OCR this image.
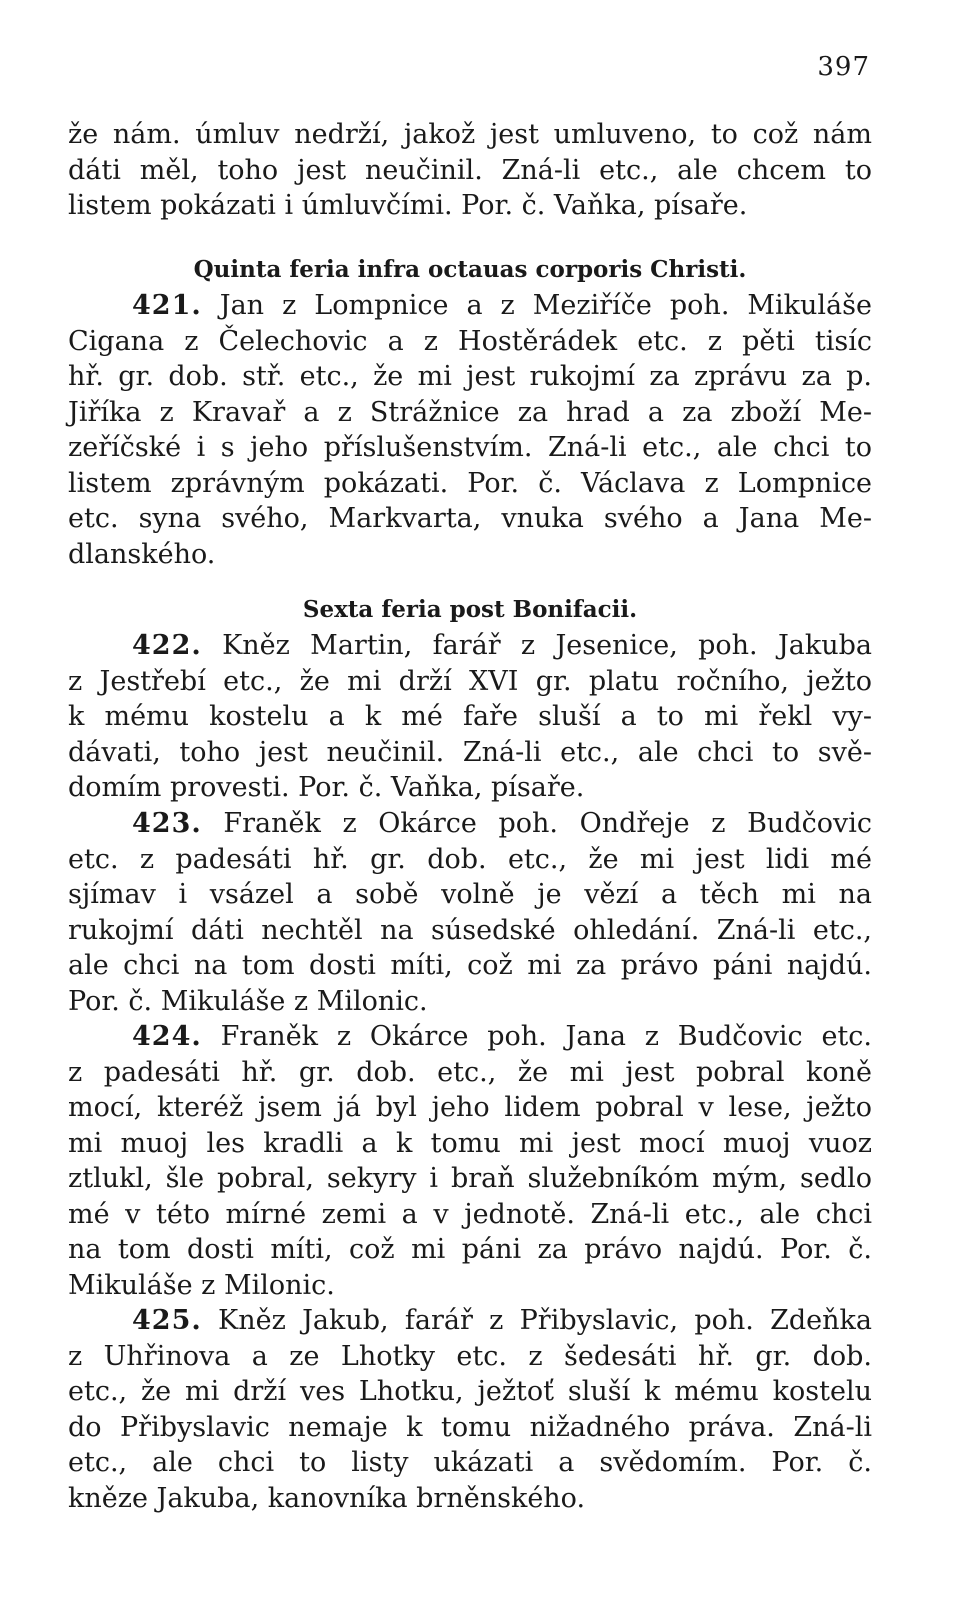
397
že nám. úmluv nedrží, jakož jest umluveno, to což nám
dáti měl, toho jest neučinil. Zná-li etc., ale chcem to
listem pokázati i úmluvčími. Por. č. Vaňka, písaře.
Quinta feria infra octauas corporis Christi.
421. Jan z Lompnice a z Meziříče poh. Mikuláše
Cigana z Čelechovic a z Hostěrádek etc. z pěti tisíc
hř. gr. dob. stř. etc., že mi jest rukojmí za zprávu za p.
Jiříka z Kravař a z Strážnice za hrad a za zboží Me-
zeříčské i s jeho příslušenstvím. Zná-li etc., ale chci to
listem zprávným pokázati. Por. č. Václava z Lompnice
etc. syna svého, Markvarta, vnuka svého a Jana Me-
dlanského.
Sexta feria post Bonifacii.
422. Kněz Martin, farář z Jesenice, poh. Jakuba
z Jestřebí etc., že mi drží XVI gr. platu ročního, ježto
k mému kostelu a k mé faře sluší a to mi řekl vy-
dávati, toho jest neučinil. Zná-li etc., ale chci to svě-
domím provesti. Por. č. Vaňka, písaře.
423. Franěk z Okárce poh. Ondřeje z Budčovic
etc. z padesáti hř. gr. dob. etc., že mi jest lidi mé
sjímav i vsázel a sobě volně je vězí a těch mi na
rukojmí dáti nechtěl na súsedské ohledání. Zná-li etc.,
ale chci na tom dosti míti, což mi za právo páni najdú.
Por. č. Mikuláše z Milonic.
424. Franěk z Okárce poh. Jana z Budčovic etc.
z padesáti hř. gr. dob. etc., že mi jest pobral koně
mocí, kteréž jsem já byl jeho lidem pobral v lese, ježto
mi muoj les kradli a k tomu mi jest mocí muoj vuoz
ztlukl, šle pobral, sekyry i braň služebníkóm mým, sedlo
mé v této mírné zemi a v jednotě. Zná-li etc., ale chci
na tom dosti míti, což mi páni za právo najdú. Por. č.
Mikuláše z Milonic.
425. Kněz Jakub, farář z Přibyslavic, poh. Zdeňka
z Uhřinova a ze Lhotky etc. z šedesáti hř. gr. dob.
etc., že mi drží ves Lhotku, ježtoť sluší k mému kostelu
do Přibyslavic nemaje k tomu nižadného práva. Zná-li
etc., ale chci to listy ukázati a svědomím. Por. č.
kněze Jakuba, kanovníka brněnského.
